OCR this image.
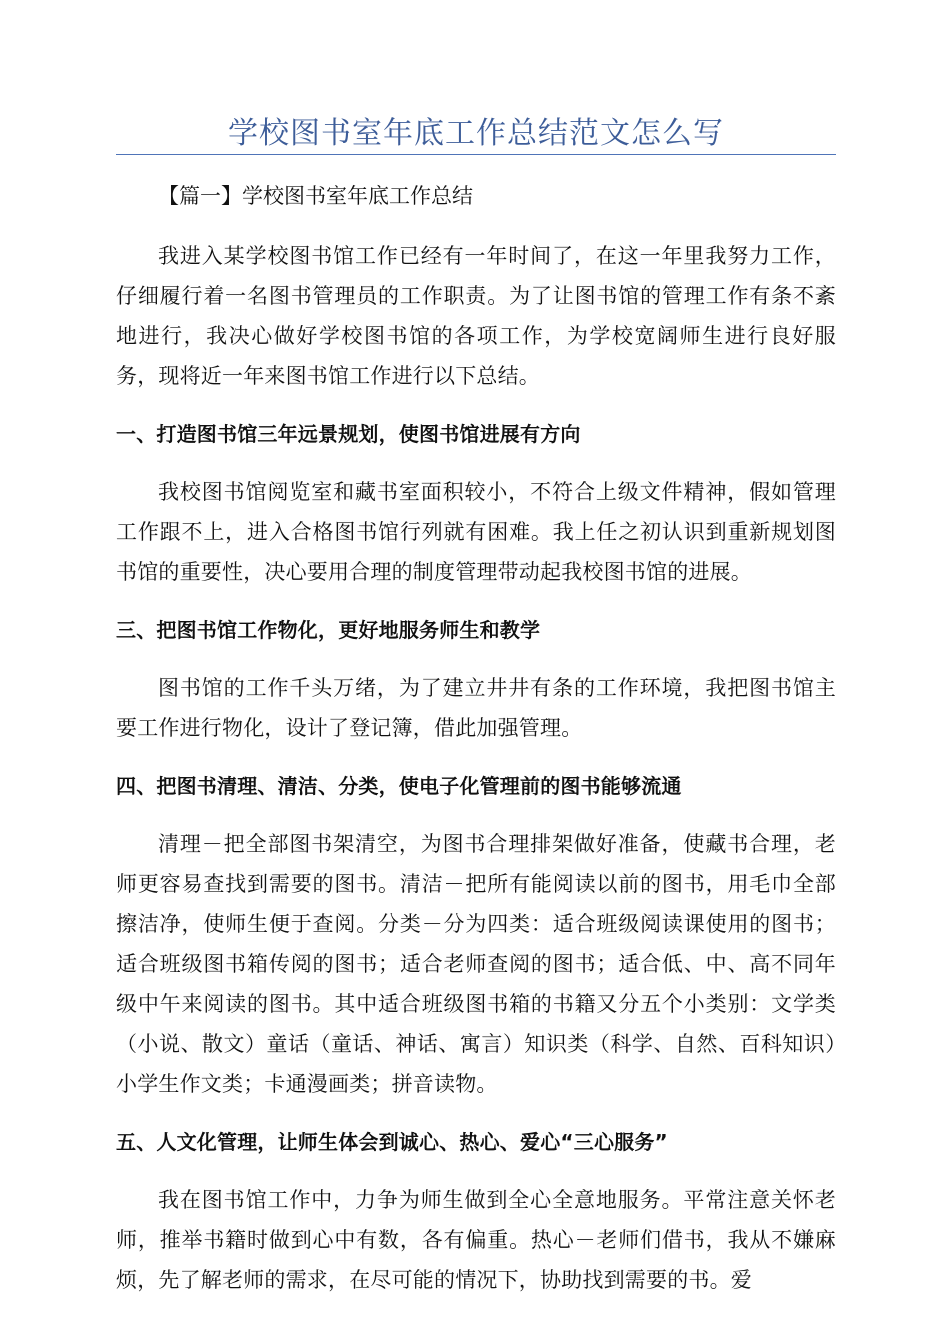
学校图书室年底工作总结范文怎么写

【篇一】学校图书室年底工作总结

我进入某学校图书馆工作已经有一年时间了，在这一年里我努力工作，仔细履行着一名图书管理员的工作职责。为了让图书馆的管理工作有条不紊地进行，我决心做好学校图书馆的各项工作，为学校宽阔师生进行良好服务，现将近一年来图书馆工作进行以下总结。

一、打造图书馆三年远景规划，使图书馆进展有方向

我校图书馆阅览室和藏书室面积较小，不符合上级文件精神，假如管理工作跟不上，进入合格图书馆行列就有困难。我上任之初认识到重新规划图书馆的重要性，决心要用合理的制度管理带动起我校图书馆的进展。

三、把图书馆工作物化，更好地服务师生和教学

图书馆的工作千头万绪，为了建立井井有条的工作环境，我把图书馆主要工作进行物化，设计了登记簿，借此加强管理。

四、把图书清理、清洁、分类，使电子化管理前的图书能够流通

清理－把全部图书架清空，为图书合理排架做好准备，使藏书合理，老师更容易查找到需要的图书。清洁－把所有能阅读以前的图书，用毛巾全部擦洁净，使师生便于查阅。分类－分为四类：适合班级阅读课使用的图书；适合班级图书箱传阅的图书；适合老师查阅的图书；适合低、中、高不同年级中午来阅读的图书。其中适合班级图书箱的书籍又分五个小类别：文学类（小说、散文）童话（童话、神话、寓言）知识类（科学、自然、百科知识）小学生作文类；卡通漫画类；拼音读物。

五、人文化管理，让师生体会到诚心、热心、爱心“三心服务”

我在图书馆工作中，力争为师生做到全心全意地服务。平常注意关怀老师，推举书籍时做到心中有数，各有偏重。热心－老师们借书，我从不嫌麻烦，先了解老师的需求，在尽可能的情况下，协助找到需要的书。爱
